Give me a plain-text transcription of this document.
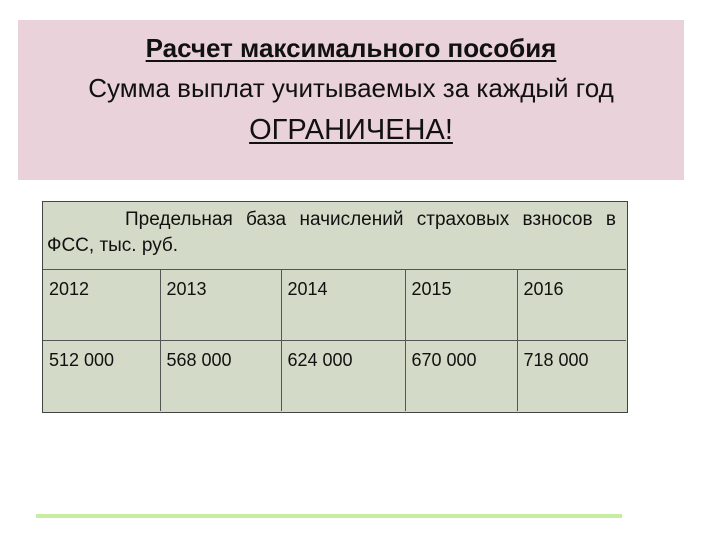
Расчет максимального пособия
Сумма выплат учитываемых за каждый год
ОГРАНИЧЕНА!
Предельная база начислений страховых взносов в ФСС, тыс. руб.
2012	2013	2014	2015	2016
512 000	568 000	624 000	670 000	718 000
